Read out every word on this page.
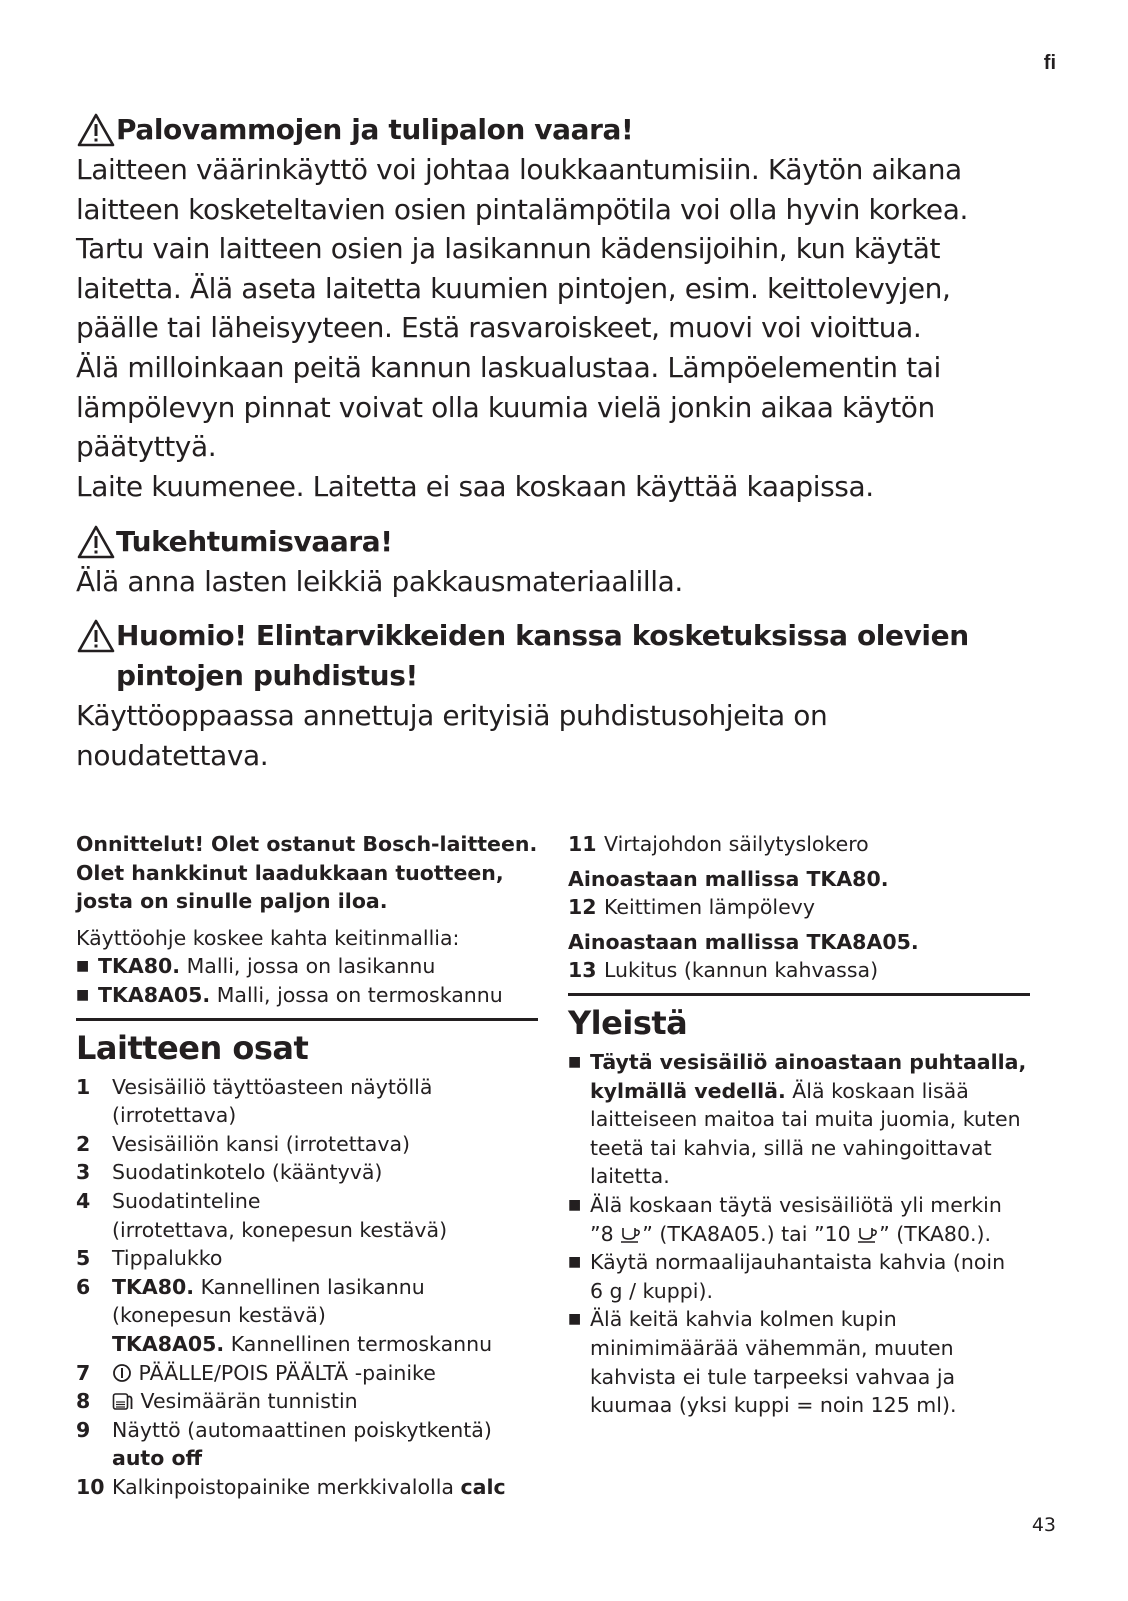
fi
Palovammojen ja tulipalon vaara!
Laitteen väärinkäyttö voi johtaa loukkaantumisiin. Käytön aikana
laitteen kosketeltavien osien pintalämpötila voi olla hyvin korkea.
Tartu vain laitteen osien ja lasikannun kädensijoihin, kun käytät
laitetta. Älä aseta laitetta kuumien pintojen, esim. keittolevyjen,
päälle tai läheisyyteen. Estä rasvaroiskeet, muovi voi vioittua.
Älä milloinkaan peitä kannun laskualustaa. Lämpöelementin tai
lämpölevyn pinnat voivat olla kuumia vielä jonkin aikaa käytön
päätyttyä.
Laite kuumenee. Laitetta ei saa koskaan käyttää kaapissa.
Tukehtumisvaara!
Älä anna lasten leikkiä pakkausmateriaalilla.
Huomio! Elintarvikkeiden kanssa kosketuksissa olevien
pintojen puhdistus!
Käyttöoppaassa annettuja erityisiä puhdistusohjeita on
noudatettava.
Onnittelut! Olet ostanut Bosch-laitteen.
Olet hankkinut laadukkaan tuotteen,
josta on sinulle paljon iloa.
Käyttöohje koskee kahta keitinmallia:
■ TKA80. Malli, jossa on lasikannu
■ TKA8A05. Malli, jossa on termoskannu
Laitteen osat
1	Vesisäiliö täyttöasteen näytöllä
(irrotettava)
2	Vesisäiliön kansi (irrotettava)
3	Suodatinkotelo (kääntyvä)
4	Suodatinteline
(irrotettava, konepesun kestävä)
5	Tippalukko
6	TKA80. Kannellinen lasikannu
(konepesun kestävä)
TKA8A05. Kannellinen termoskannu
7	PÄÄLLE/POIS PÄÄLTÄ -painike
8	Vesimäärän tunnistin
9	Näyttö (automaattinen poiskytkentä)
auto off
10 Kalkinpoistopainike merkkivalolla calc
11 Virtajohdon säilytyslokero
Ainoastaan mallissa TKA80.
12 Keittimen lämpölevy
Ainoastaan mallissa TKA8A05.
13 Lukitus (kannun kahvassa)
Yleistä
■ Täytä vesisäiliö ainoastaan puhtaalla,
kylmällä vedellä. Älä koskaan lisää
laitteiseen maitoa tai muita juomia, kuten
teetä tai kahvia, sillä ne vahingoittavat
laitetta.
■ Älä koskaan täytä vesisäiliötä yli merkin
”8 ” (TKA8A05.) tai ”10 ” (TKA80.).
■ Käytä normaalijauhantaista kahvia (noin
6 g / kuppi).
■ Älä keitä kahvia kolmen kupin
minimimäärää vähemmän, muuten
kahvista ei tule tarpeeksi vahvaa ja
kuumaa (yksi kuppi = noin 125 ml).
43
